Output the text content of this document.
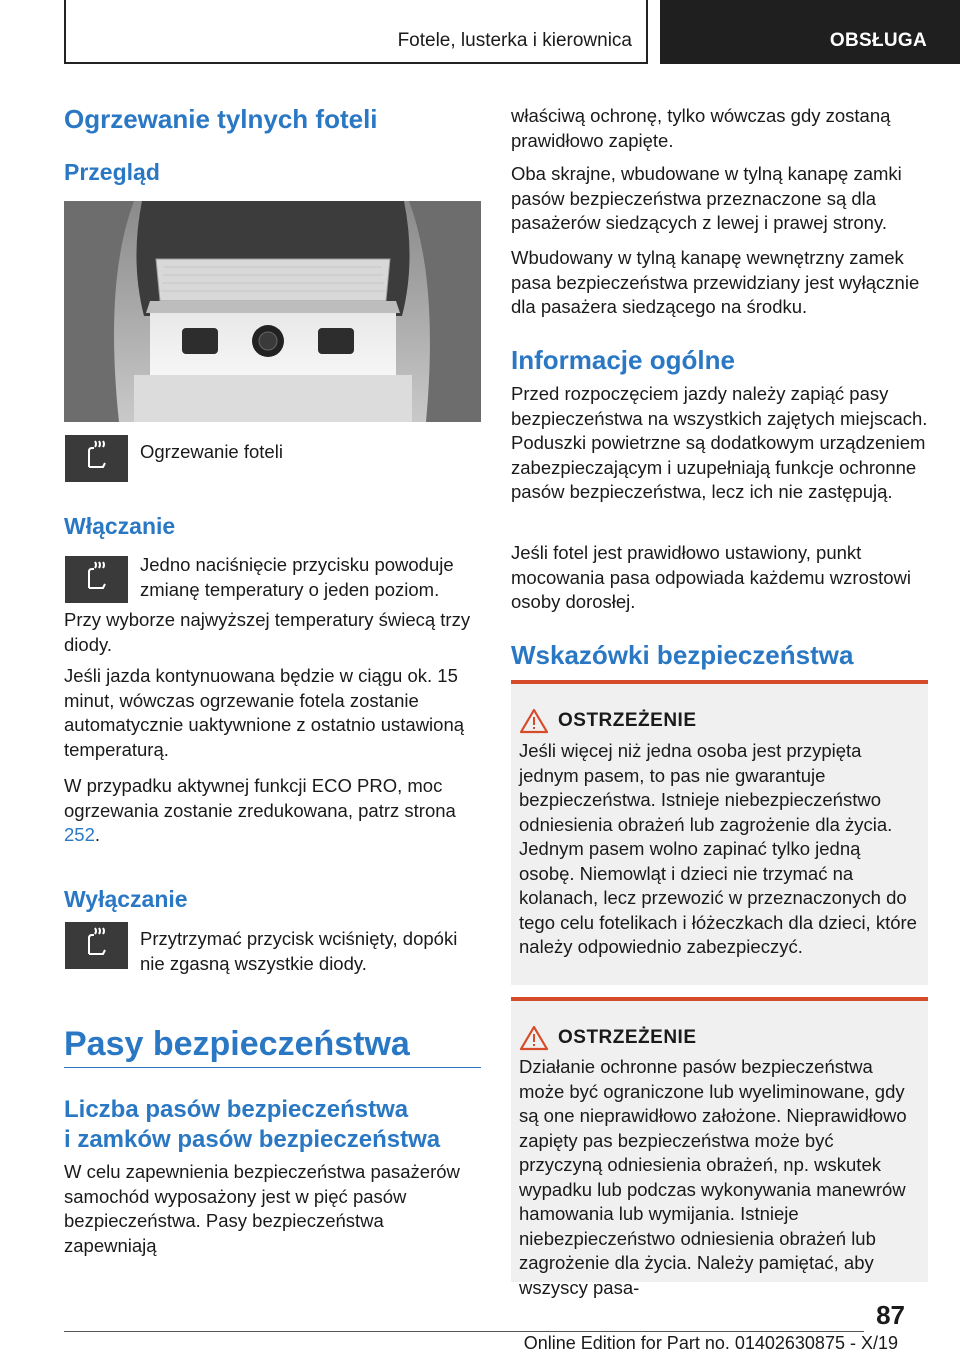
Fotele, lusterka i kierownica	OBSŁUGA
Ogrzewanie tylnych foteli
Przegląd
Ogrzewanie foteli
Włączanie

Jedno naciśnięcie przycisku powoduje zmianę temperatury o jeden poziom.

Przy wyborze najwyższej temperatury świecą trzy diody.

Jeśli jazda kontynuowana będzie w ciągu ok. 15 minut, wówczas ogrzewanie fotela zostanie automatycznie uaktywnione z ostatnio ustawioną temperaturą.

W przypadku aktywnej funkcji ECO PRO, moc ogrzewania zostanie zredukowana, patrz strona 252.

Wyłączanie

Przytrzymać przycisk wciśnięty, dopóki nie zgasną wszystkie diody.

Pasy bezpieczeństwa
Liczba pasów bezpieczeństwa
i zamków pasów bezpieczeństwa

W celu zapewnienia bezpieczeństwa pasażerów samochód wyposażony jest w pięć pasów bezpieczeństwa. Pasy bezpieczeństwa zapewniają

właściwą ochronę, tylko wówczas gdy zostaną prawidłowo zapięte.

Oba skrajne, wbudowane w tylną kanapę zamki pasów bezpieczeństwa przeznaczone są dla pasażerów siedzących z lewej i prawej strony.

Wbudowany w tylną kanapę wewnętrzny zamek pasa bezpieczeństwa przewidziany jest wyłącznie dla pasażera siedzącego na środku.

Informacje ogólne

Przed rozpoczęciem jazdy należy zapiąć pasy bezpieczeństwa na wszystkich zajętych miejscach. Poduszki powietrzne są dodatkowym urządzeniem zabezpieczającym i uzupełniają funkcje ochronne pasów bezpieczeństwa, lecz ich nie zastępują.

Jeśli fotel jest prawidłowo ustawiony, punkt mocowania pasa odpowiada każdemu wzrostowi osoby dorosłej.

Wskazówki bezpieczeństwa
OSTRZEŻENIE

Jeśli więcej niż jedna osoba jest przypięta jednym pasem, to pas nie gwarantuje bezpieczeństwa. Istnieje niebezpieczeństwo odniesienia obrażeń lub zagrożenie dla życia. Jednym pasem wolno zapinać tylko jedną osobę. Niemowląt i dzieci nie trzymać na kolanach, lecz przewozić w przeznaczonych do tego celu fotelikach i łóżeczkach dla dzieci, które należy odpowiednio zabezpieczyć.

OSTRZEŻENIE

Działanie ochronne pasów bezpieczeństwa może być ograniczone lub wyeliminowane, gdy są one nieprawidłowo założone. Nieprawidłowo zapięty pas bezpieczeństwa może być przyczyną odniesienia obrażeń, np. wskutek wypadku lub podczas wykonywania manewrów hamowania lub wymijania. Istnieje niebezpieczeństwo odniesienia obrażeń lub zagrożenie dla życia. Należy pamiętać, aby wszyscy pasa-

87
Online Edition for Part no. 01402630875 - X/19
